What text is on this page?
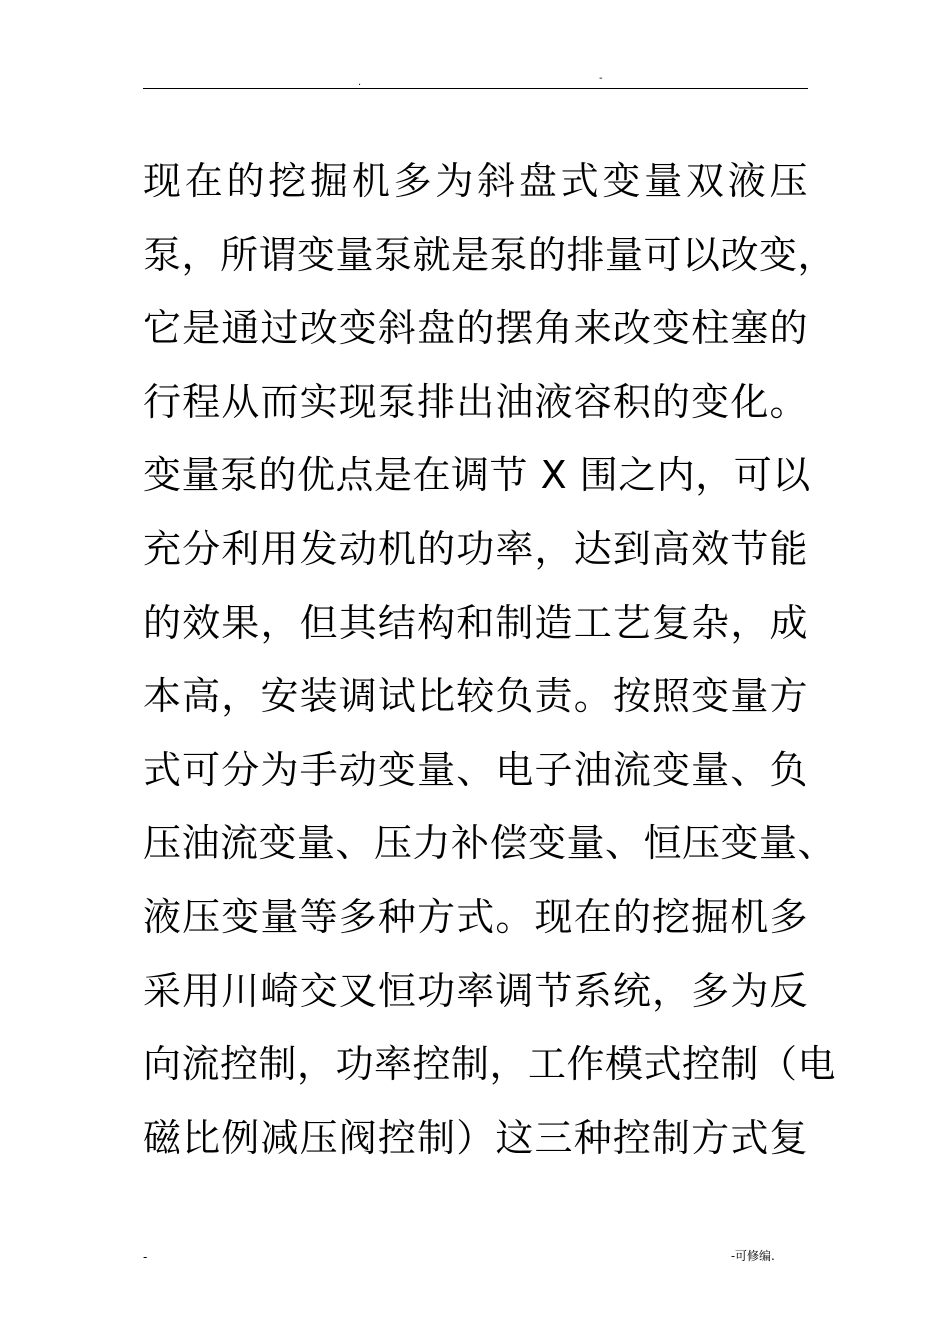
.	-
现在的挖掘机多为斜盘式变量双液压
泵，所谓变量泵就是泵的排量可以改变，
它是通过改变斜盘的摆角来改变柱塞的
行程从而实现泵排出油液容积的变化。
变量泵的优点是在调节 X 围之内，可以
充分利用发动机的功率，达到高效节能
的效果，但其结构和制造工艺复杂，成
本高，安装调试比较负责。按照变量方
式可分为手动变量、电子油流变量、负
压油流变量、压力补偿变量、恒压变量、
液压变量等多种方式。现在的挖掘机多
采用川崎交叉恒功率调节系统，多为反
向流控制，功率控制，工作模式控制（电
磁比例减压阀控制）这三种控制方式复
-	-可修编.
